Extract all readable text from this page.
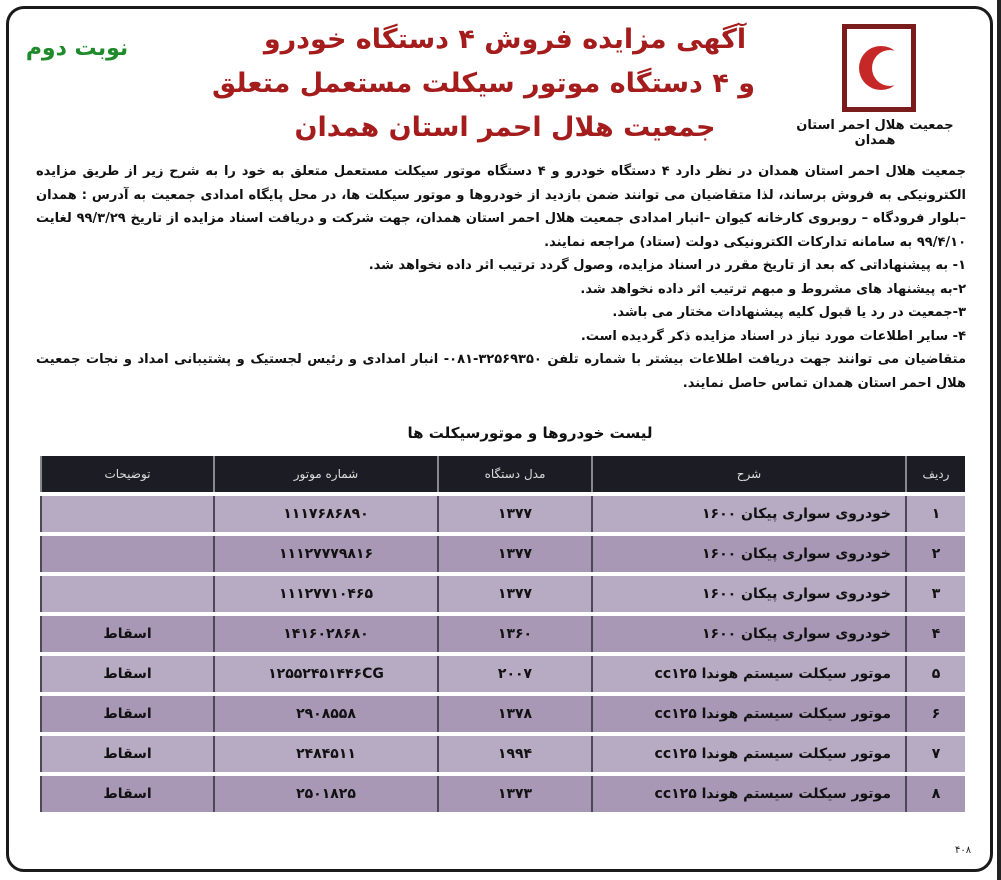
جمعیت هلال احمر استان همدان
آگهی مزایده فروش ۴ دستگاه خودرو
و ۴ دستگاه موتور سیکلت مستعمل متعلق
جمعیت هلال احمر استان همدان
نوبت دوم

جمعیت هلال احمر استان همدان در نظر دارد ۴ دستگاه خودرو و ۴ دستگاه موتور سیکلت مستعمل متعلق به خود را به شرح زیر از طریق مزایده الکترونیکی به فروش برساند، لذا متقاضیان می توانند ضمن بازدید از خودروها و موتور سیکلت ها، در محل پایگاه امدادی جمعیت به آدرس : همدان –بلوار فرودگاه – روبروی کارخانه کیوان –انبار امدادی جمعیت هلال احمر استان همدان، جهت شرکت و دریافت اسناد مزایده از تاریخ ۹۹/۳/۲۹ لغایت ۹۹/۴/۱۰ به سامانه تدارکات الکترونیکی دولت (ستاد) مراجعه نمایند.

۱- به پیشنهاداتی که بعد از تاریخ مقرر در اسناد مزایده، وصول گردد ترتیب اثر داده نخواهد شد.

۲-به پیشنهاد های مشروط و مبهم ترتیب اثر داده نخواهد شد.

۳-جمعیت در رد یا قبول کلیه پیشنهادات مختار می باشد.

۴- سایر اطلاعات مورد نیاز در اسناد مزایده ذکر گردیده است.

متقاضیان می توانند جهت دریافت اطلاعات بیشتر با شماره تلفن ۳۲۵۶۹۳۵۰-۰۸۱- انبار امدادی و رئیس لجستیک و پشتیبانی امداد و نجات جمعیت هلال احمر استان همدان تماس حاصل نمایند.

لیست خودروها و موتورسیکلت ها
ردیف	شرح	مدل دستگاه	شماره موتور	توضیحات
۱	خودروی سواری پیکان ۱۶۰۰	۱۳۷۷	۱۱۱۷۶۸۶۸۹۰	
۲	خودروی سواری پیکان ۱۶۰۰	۱۳۷۷	۱۱۱۲۷۷۷۹۸۱۶	
۳	خودروی سواری پیکان ۱۶۰۰	۱۳۷۷	۱۱۱۲۷۷۱۰۴۶۵	
۴	خودروی سواری پیکان ۱۶۰۰	۱۳۶۰	۱۴۱۶۰۲۸۶۸۰	اسقاط
۵	موتور سیکلت سیستم هوندا cc۱۲۵	۲۰۰۷	۱۲۵۵۲۴۵۱۴۴۶CG	اسقاط
۶	موتور سیکلت سیستم هوندا cc۱۲۵	۱۳۷۸	۲۹۰۸۵۵۸	اسقاط
۷	موتور سیکلت سیستم هوندا cc۱۲۵	۱۹۹۴	۲۴۸۴۵۱۱	اسقاط
۸	موتور سیکلت سیستم هوندا cc۱۲۵	۱۳۷۳	۲۵۰۱۸۲۵	اسقاط
۴۰۸
